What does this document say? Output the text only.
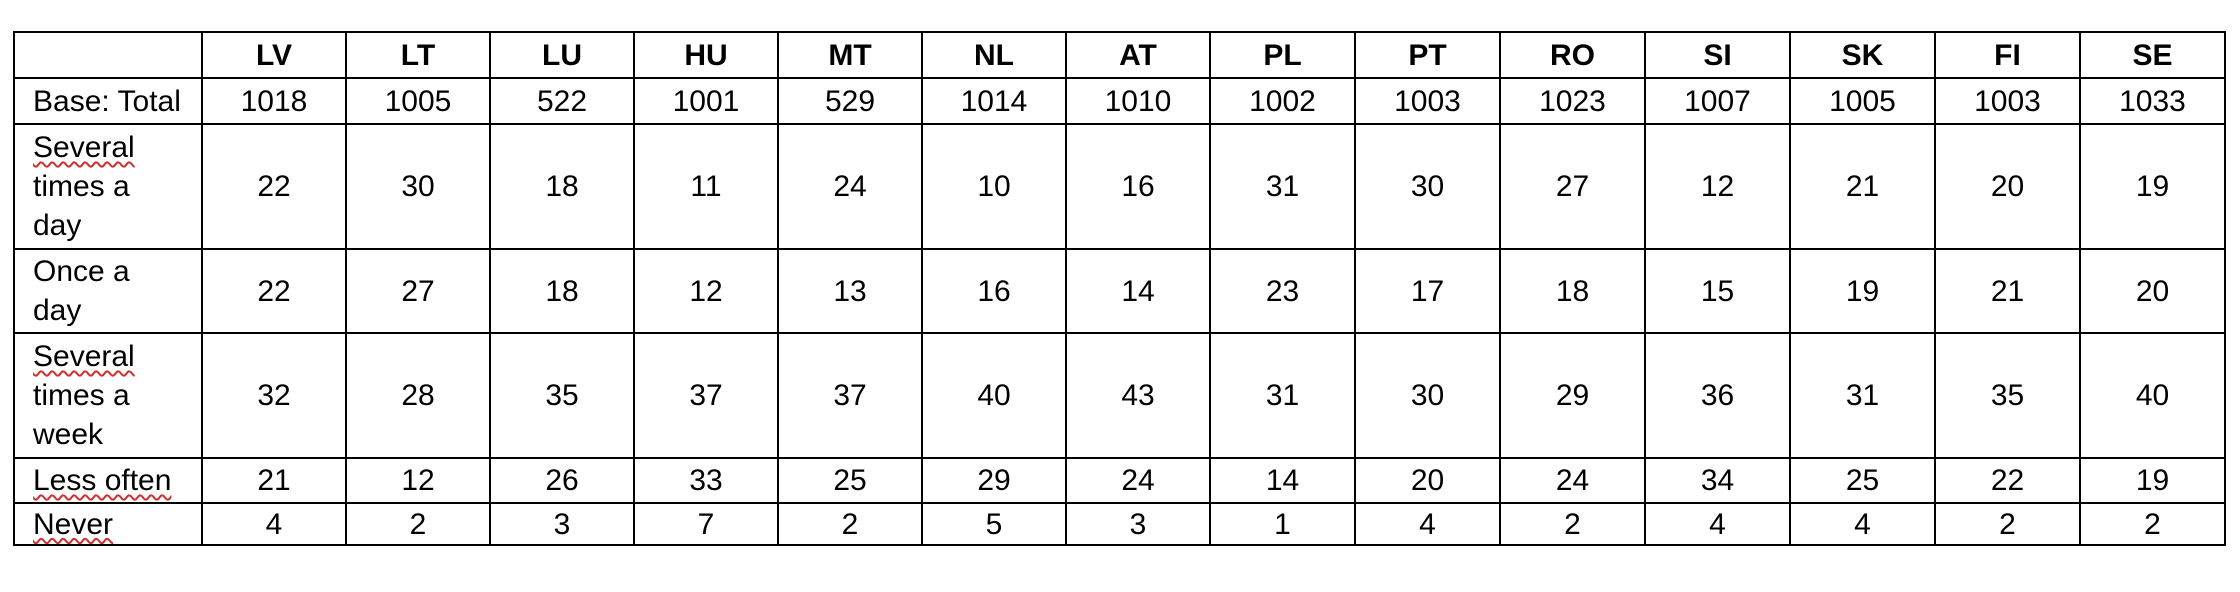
	LV	LT	LU	HU	MT	NL	AT	PL	PT	RO	SI	SK	FI	SE
Base: Total	1018	1005	522	1001	529	1014	1010	1002	1003	1023	1007	1005	1003	1033
Several
times a
day	22	30	18	11	24	10	16	31	30	27	12	21	20	19
Once a
day	22	27	18	12	13	16	14	23	17	18	15	19	21	20
Several
times a
week	32	28	35	37	37	40	43	31	30	29	36	31	35	40
Less often	21	12	26	33	25	29	24	14	20	24	34	25	22	19
Never	4	2	3	7	2	5	3	1	4	2	4	4	2	2
